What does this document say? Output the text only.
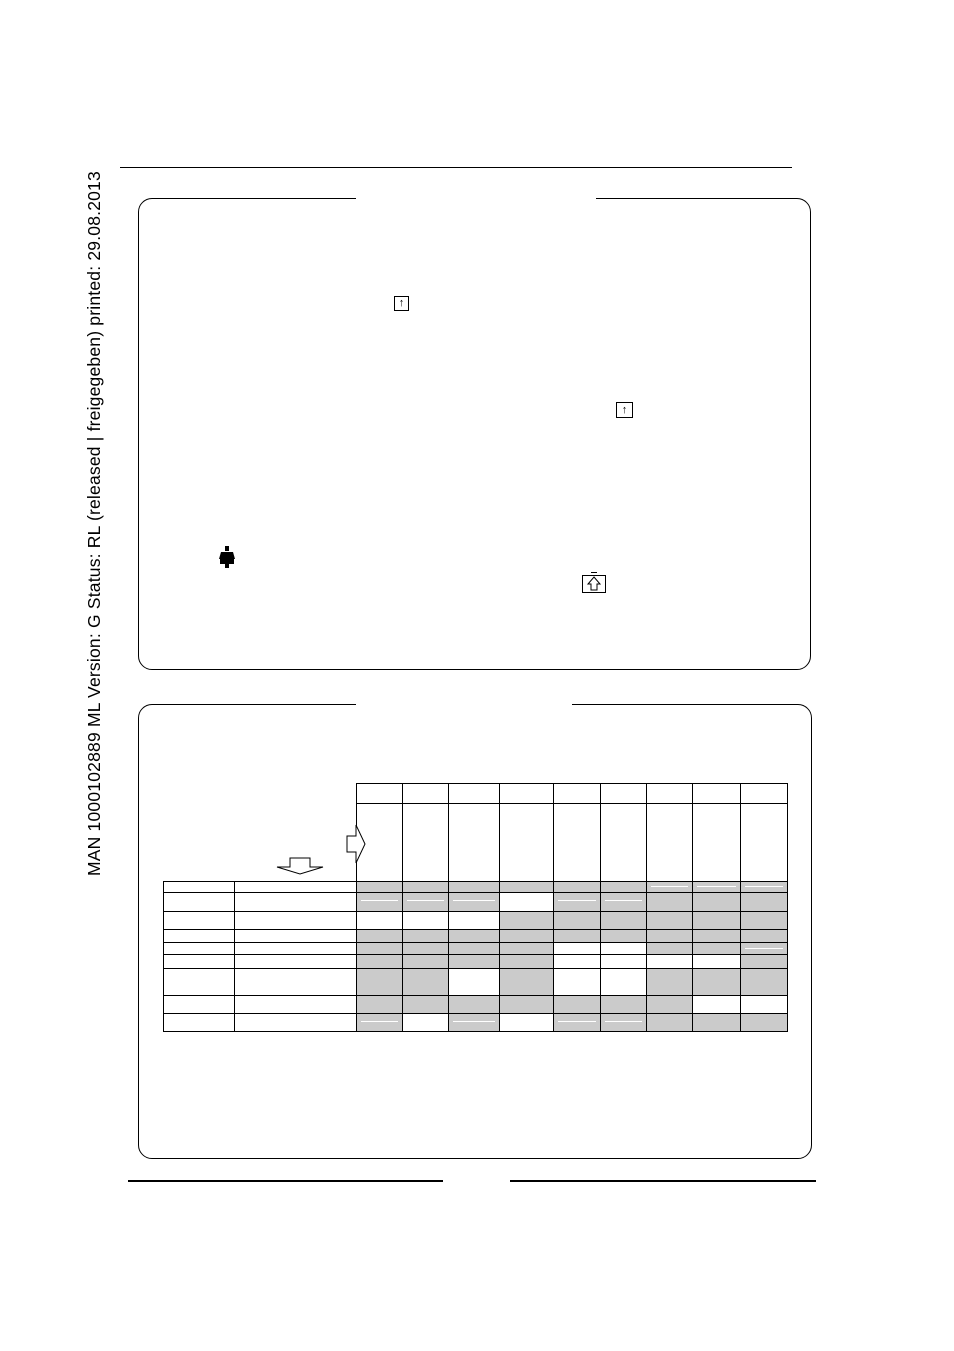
MAN 1000102889 ML Version: G Status: RL (released | freigegeben) printed: 29.08.2013	↑
↑
